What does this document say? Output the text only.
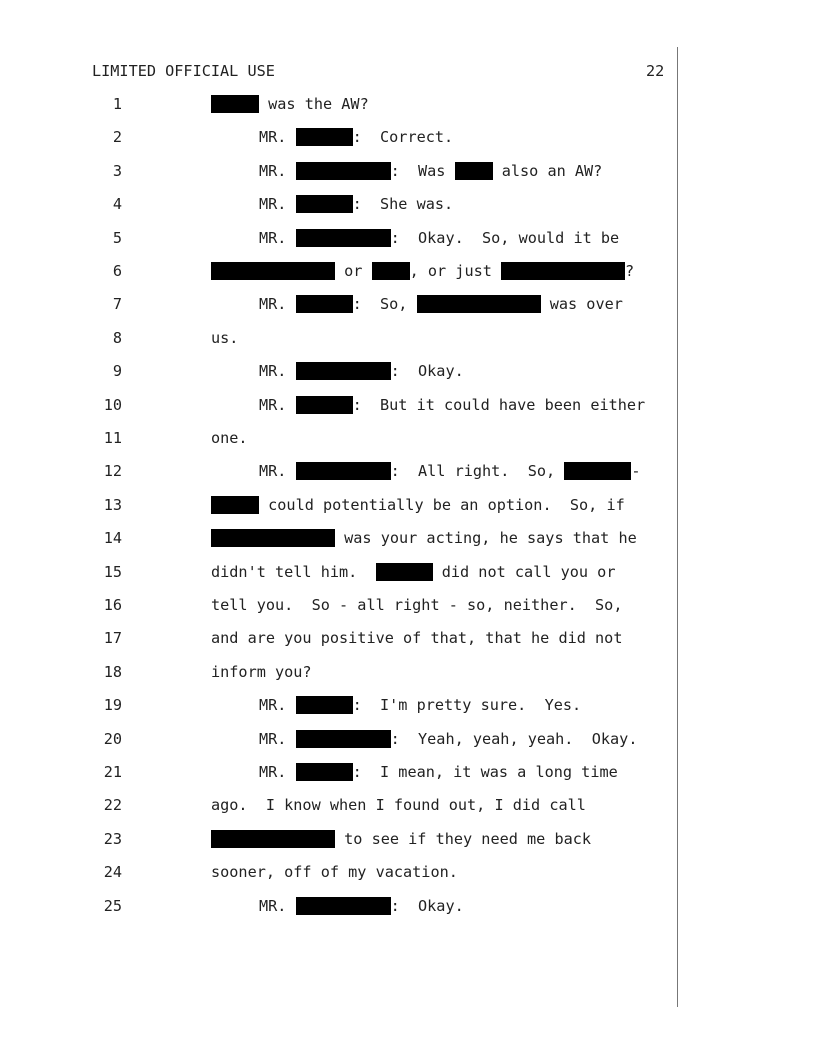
LIMITED OFFICIAL USE	22
1	was the AW?
2	MR.	:  Correct.
3	MR.	:  Was	also an AW?
4	MR.	:  She was.
5	MR.	:  Okay.  So, would it be
6	or	, or just	?
7	MR.	:  So,	was over
8	us.
9	MR.	:  Okay.
10	MR.	:  But it could have been either
11	one.
12	MR.	:  All right.  So,	-
13	could potentially be an option.  So, if
14	was your acting, he says that he
15	didn't tell him.	did not call you or
16	tell you.  So - all right - so, neither.  So,
17	and are you positive of that, that he did not
18	inform you?
19	MR.	:  I'm pretty sure.  Yes.
20	MR.	:  Yeah, yeah, yeah.  Okay.
21	MR.	:  I mean, it was a long time
22	ago.  I know when I found out, I did call
23	to see if they need me back
24	sooner, off of my vacation.
25	MR.	:  Okay.
